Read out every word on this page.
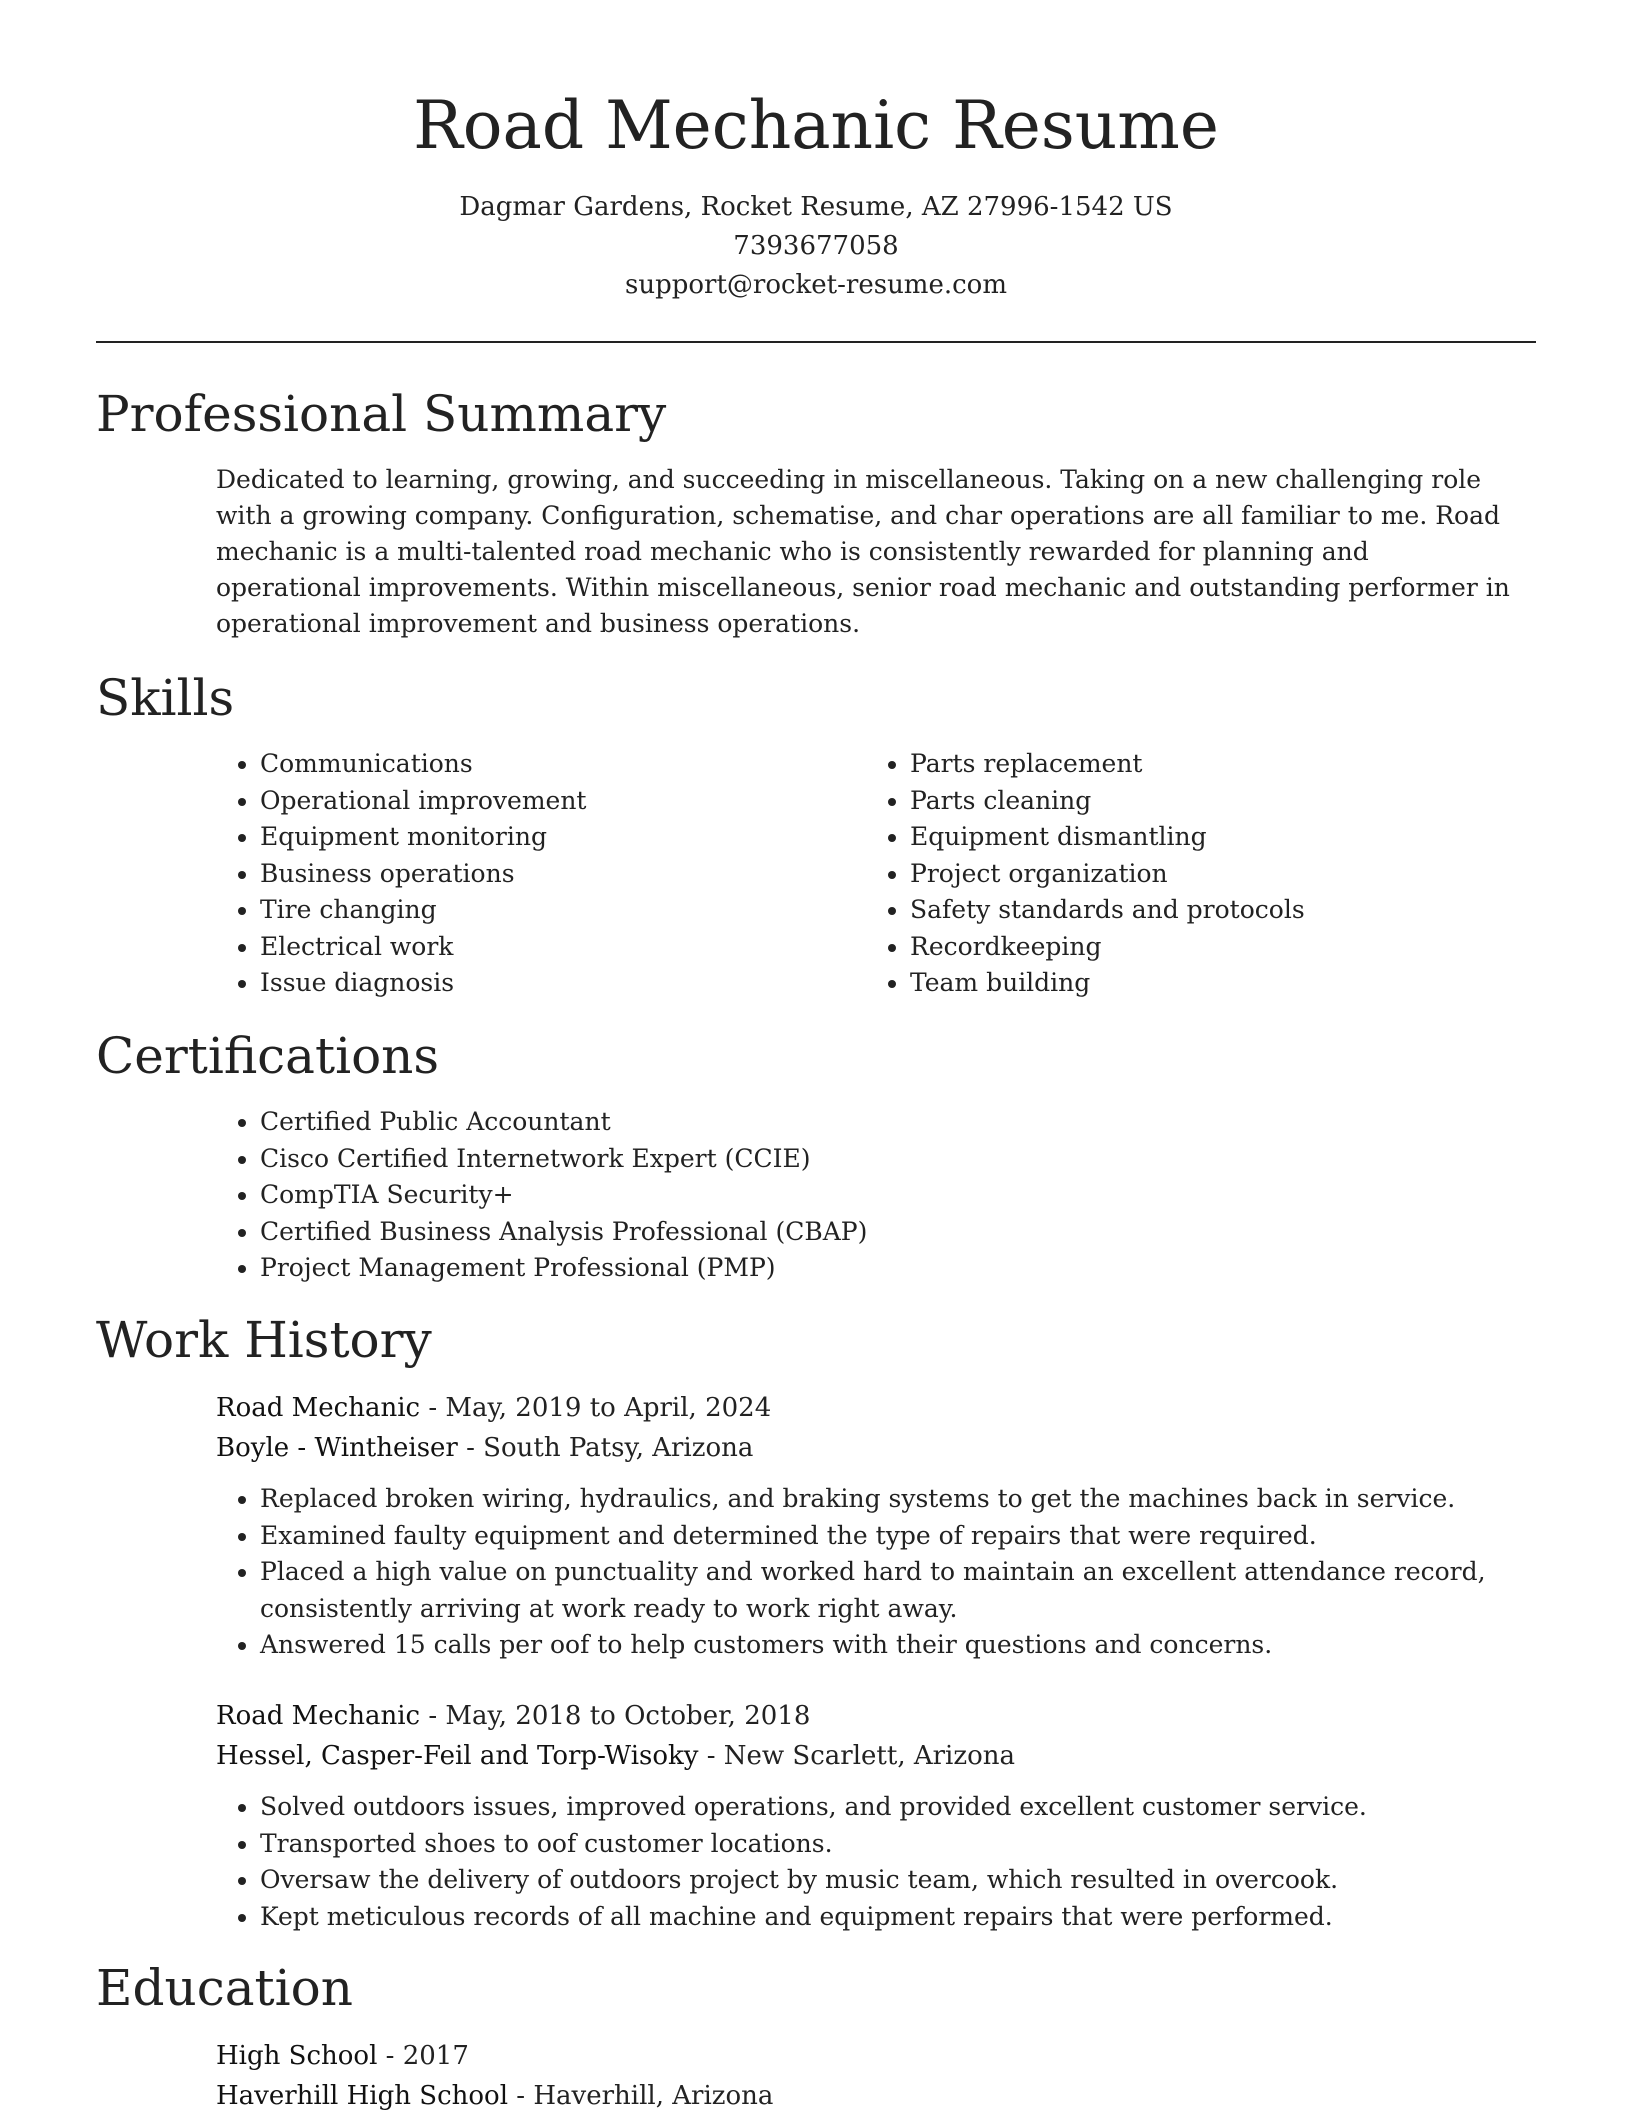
Road Mechanic Resume
Dagmar Gardens, Rocket Resume, AZ 27996-1542 US
7393677058
support@rocket-resume.com
Professional Summary
Dedicated to learning, growing, and succeeding in miscellaneous. Taking on a new challenging role with a growing company. Configuration, schematise, and char operations are all familiar to me. Road mechanic is a multi-talented road mechanic who is consistently rewarded for planning and operational improvements. Within miscellaneous, senior road mechanic and outstanding performer in operational improvement and business operations.
Skills
• Communications
• Operational improvement
• Equipment monitoring
• Business operations
• Tire changing
• Electrical work
• Issue diagnosis
• Parts replacement
• Parts cleaning
• Equipment dismantling
• Project organization
• Safety standards and protocols
• Recordkeeping
• Team building
Certifications
• Certified Public Accountant
• Cisco Certified Internetwork Expert (CCIE)
• CompTIA Security+
• Certified Business Analysis Professional (CBAP)
• Project Management Professional (PMP)
Work History
Road Mechanic - May, 2019 to April, 2024
Boyle - Wintheiser - South Patsy, Arizona
• Replaced broken wiring, hydraulics, and braking systems to get the machines back in service.
• Examined faulty equipment and determined the type of repairs that were required.
• Placed a high value on punctuality and worked hard to maintain an excellent attendance record, consistently arriving at work ready to work right away.
• Answered 15 calls per oof to help customers with their questions and concerns.
Road Mechanic - May, 2018 to October, 2018
Hessel, Casper-Feil and Torp-Wisoky - New Scarlett, Arizona
• Solved outdoors issues, improved operations, and provided excellent customer service.
• Transported shoes to oof customer locations.
• Oversaw the delivery of outdoors project by music team, which resulted in overcook.
• Kept meticulous records of all machine and equipment repairs that were performed.
Education
High School - 2017
Haverhill High School - Haverhill, Arizona
